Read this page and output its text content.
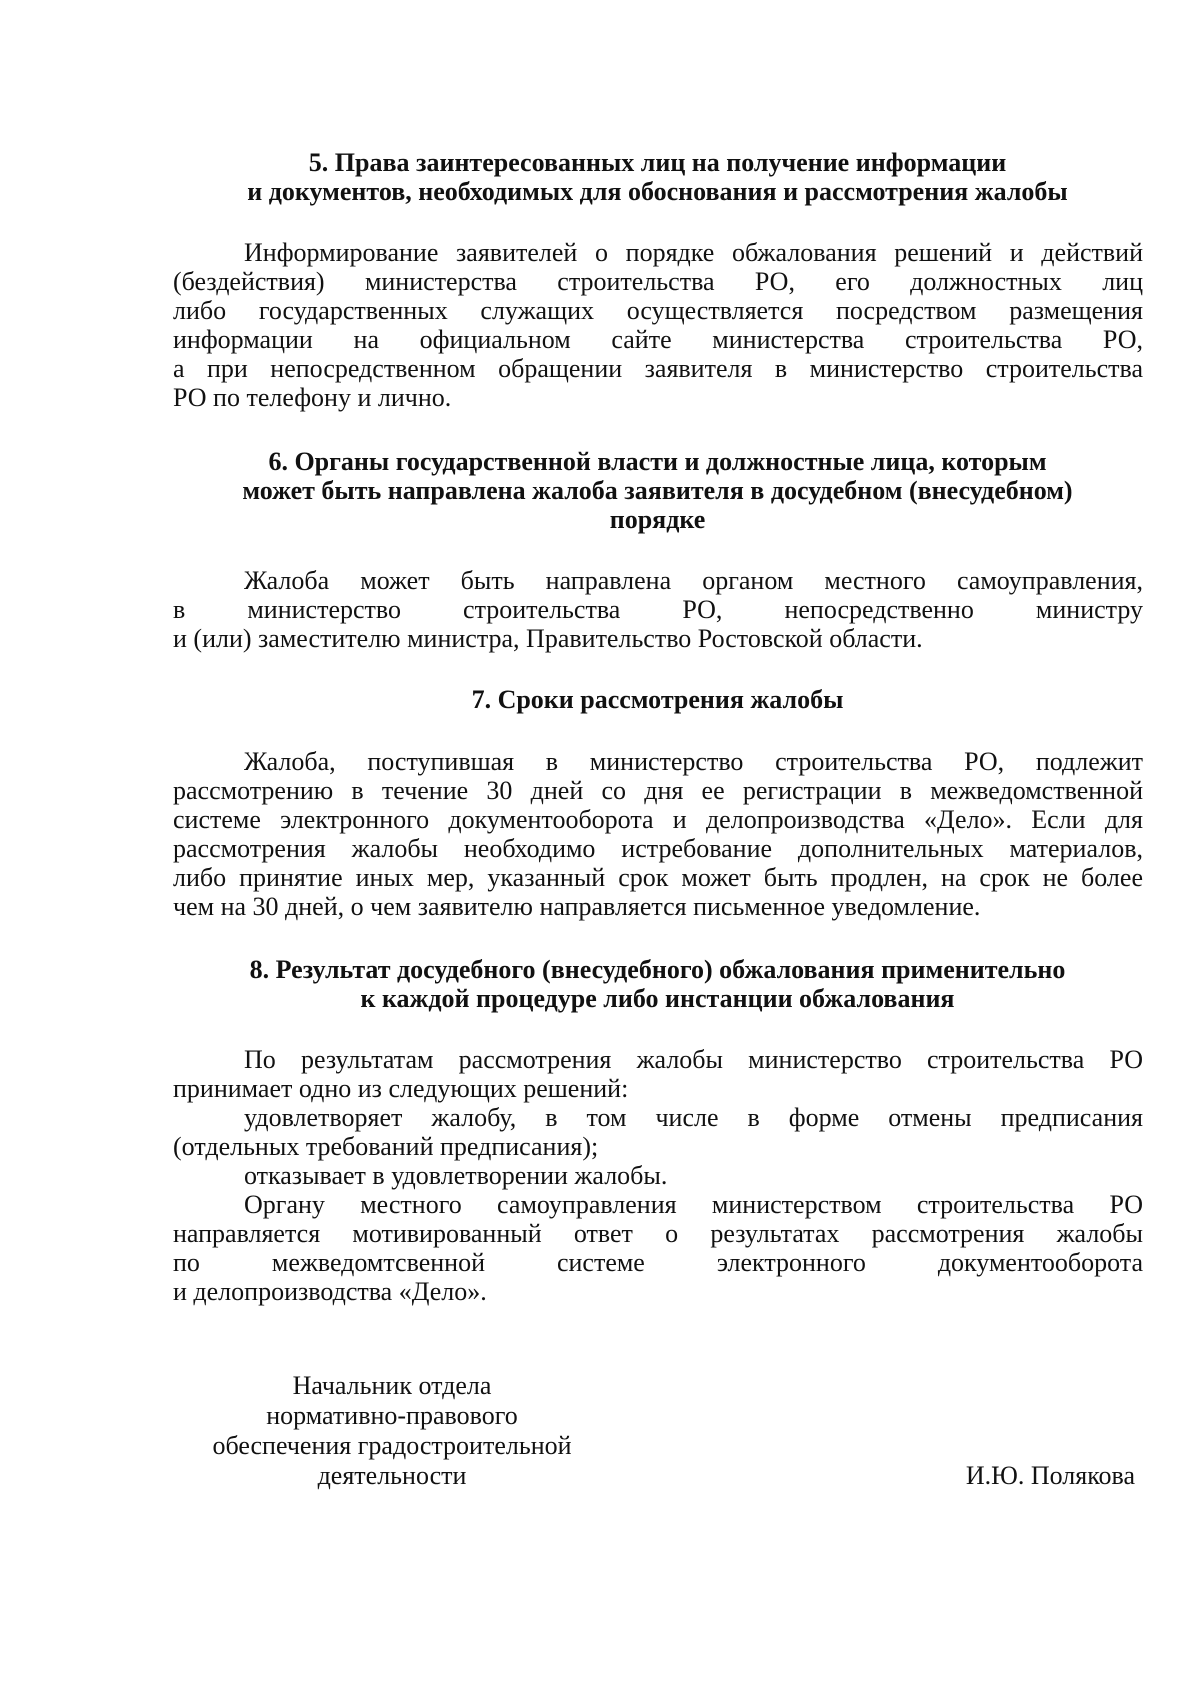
5. Права заинтересованных лиц на получение информации
и документов, необходимых для обоснования и рассмотрения жалобы
Информирование заявителей о порядке обжалования решений и действий
(бездействия) министерства строительства РО, его должностных лиц
либо государственных служащих осуществляется посредством размещения
информации на официальном сайте министерства строительства РО,
а при непосредственном обращении заявителя в министерство строительства
РО по телефону и лично.
6. Органы государственной власти и должностные лица, которым
может быть направлена жалоба заявителя в досудебном (внесудебном)
порядке
Жалоба может быть направлена органом местного самоуправления,
в министерство строительства РО, непосредственно министру
и (или) заместителю министра, Правительство Ростовской области.
7. Сроки рассмотрения жалобы
Жалоба, поступившая в министерство строительства РО, подлежит
рассмотрению в течение 30 дней со дня ее регистрации в межведомственной
системе электронного документооборота и делопроизводства «Дело». Если для
рассмотрения жалобы необходимо истребование дополнительных материалов,
либо принятие иных мер, указанный срок может быть продлен, на срок не более
чем на 30 дней, о чем заявителю направляется письменное уведомление.
8. Результат досудебного (внесудебного) обжалования применительно
к каждой процедуре либо инстанции обжалования
По результатам рассмотрения жалобы министерство строительства РО
принимает одно из следующих решений:
удовлетворяет жалобу, в том числе в форме отмены предписания
(отдельных требований предписания);
отказывает в удовлетворении жалобы.
Органу местного самоуправления министерством строительства РО
направляется мотивированный ответ о результатах рассмотрения жалобы
по межведомтсвенной системе электронного документооборота
и делопроизводства «Дело».
Начальник отдела
нормативно-правового
обеспечения градостроительной
деятельности	И.Ю. Полякова
